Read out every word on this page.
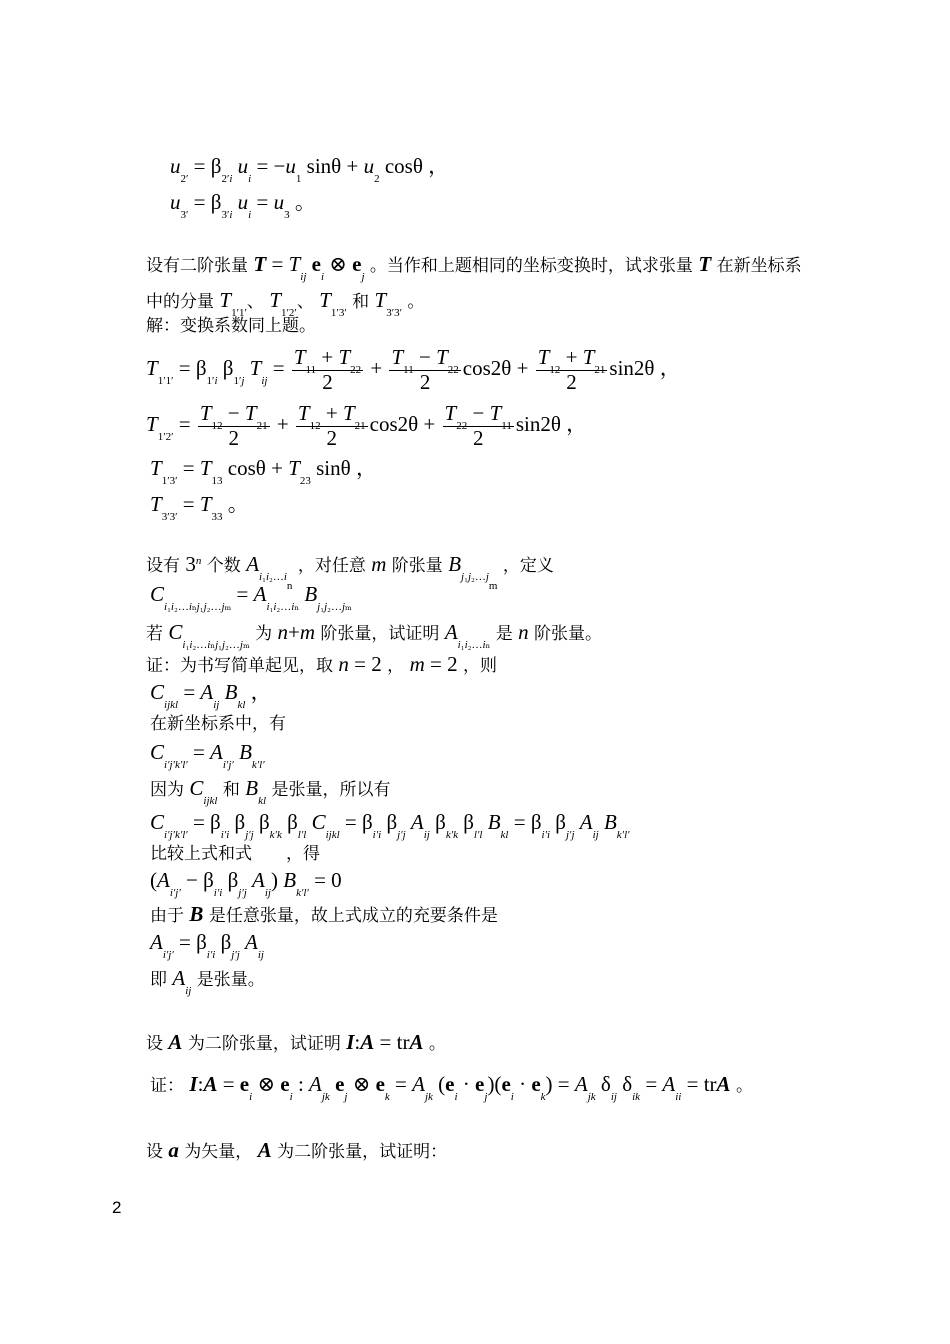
$u_{2'} = \beta_{2'i}$ $u_i = -u_1$ $\sin\theta + u_2$ cosθ ，
$u_{3'} = \beta_{3'i}$ $u_i = u_3$ 。
设有二阶张量 $T = T_{ij}$ $e_i$ ⊗ $e_j$ 。当作和上题相同的坐标变换时，试求张量 T 在新坐标系
中的分量 $T_{1'1'}$、 $T_{1'2'}$、 $T_{1'3'}$ 和 $T_{3'3'}$ 。
解：变换系数同上题。
$T_{1'1'} = \beta_{1'i}$ $\beta_{1'j}$ $T_{ij} = \frac{T_{11} + T_{22}}{2} + \frac{T_{11} - T_{22}}{2} \cos 2\theta + \frac{T_{12} + T_{21}}{2} \sin 2\theta$ ，
$T_{1'2'} = \frac{T_{12} - T_{21}}{2} + \frac{T_{12} + T_{21}}{2} \cos 2\theta + \frac{T_{22} - T_{11}}{2} \sin 2\theta$ ，
$T_{1'3'} = T_{13}$ $\cos\theta + T_{23}$ sinθ ，
$T_{3'3'} = T_{33}$ 。
设有 3$^n$ 个数 $A_{i_1i_2\dots i_n}$ ，对任意 m 阶张量 $B_{j_1j_2\dots j_m}$ ，定义
$C_{i_1i_2\dots i_nj_1j_2\dots j_m} = A_{i_1i_2\dots i_n}$ $B_{j_1j_2\dots j_m}$
若 $C_{i_1i_2\dots i_nj_1j_2\dots j_m}$ 为 n+m 阶张量，试证明 $A_{i_1i_2\dots i_n}$ 是 n 阶张量。
证：为书写简单起见，取 n = 2 ， m = 2 ，则
$C_{ijkl} = A_{ij}$ $B_{kl}$ ，
在新坐标系中，有
$C_{i'j'k'l'} = A_{i'j'}$ $B_{k'l'}$
因为 $C_{ijkl}$ 和 $B_{kl}$ 是张量，所以有
$C_{i'j'k'l'} = \beta_{i'i}$ $\beta_{j'j}$ $\beta_{k'k}$ $\beta_{l'l}$ $C_{ijkl} = \beta_{i'i}$ $\beta_{j'j}$ $A_{ij}$ $\beta_{k'k}$ $\beta_{l'l}$ $B_{kl} = \beta_{i'i}$ $\beta_{j'j}$ $A_{ij}$ $B_{k'l'}$
比较上式和式　　，得
($A_{i'j'} - \beta_{i'i}$ $\beta_{j'j}$ $A_{ij}$) $B_{k'l'} = 0$
由于 B 是任意张量，故上式成立的充要条件是
$A_{i'j'} = \beta_{i'i}$ $\beta_{j'j}$ $A_{ij}$
即 $A_{ij}$ 是张量。
设 A 为二阶张量，试证明 I:A = trA 。
证： I:A = $e_i$ ⊗ $e_i$ : $A_{jk}$ $e_j$ ⊗ $e_k = A_{jk}$ $(e_i \cdot e_j)(e_i \cdot e_k) = A_{jk}$ $\delta_{ij}$ $\delta_{ik} = A_{ii}$ = trA 。
设 a 为矢量， A 为二阶张量，试证明：
2
